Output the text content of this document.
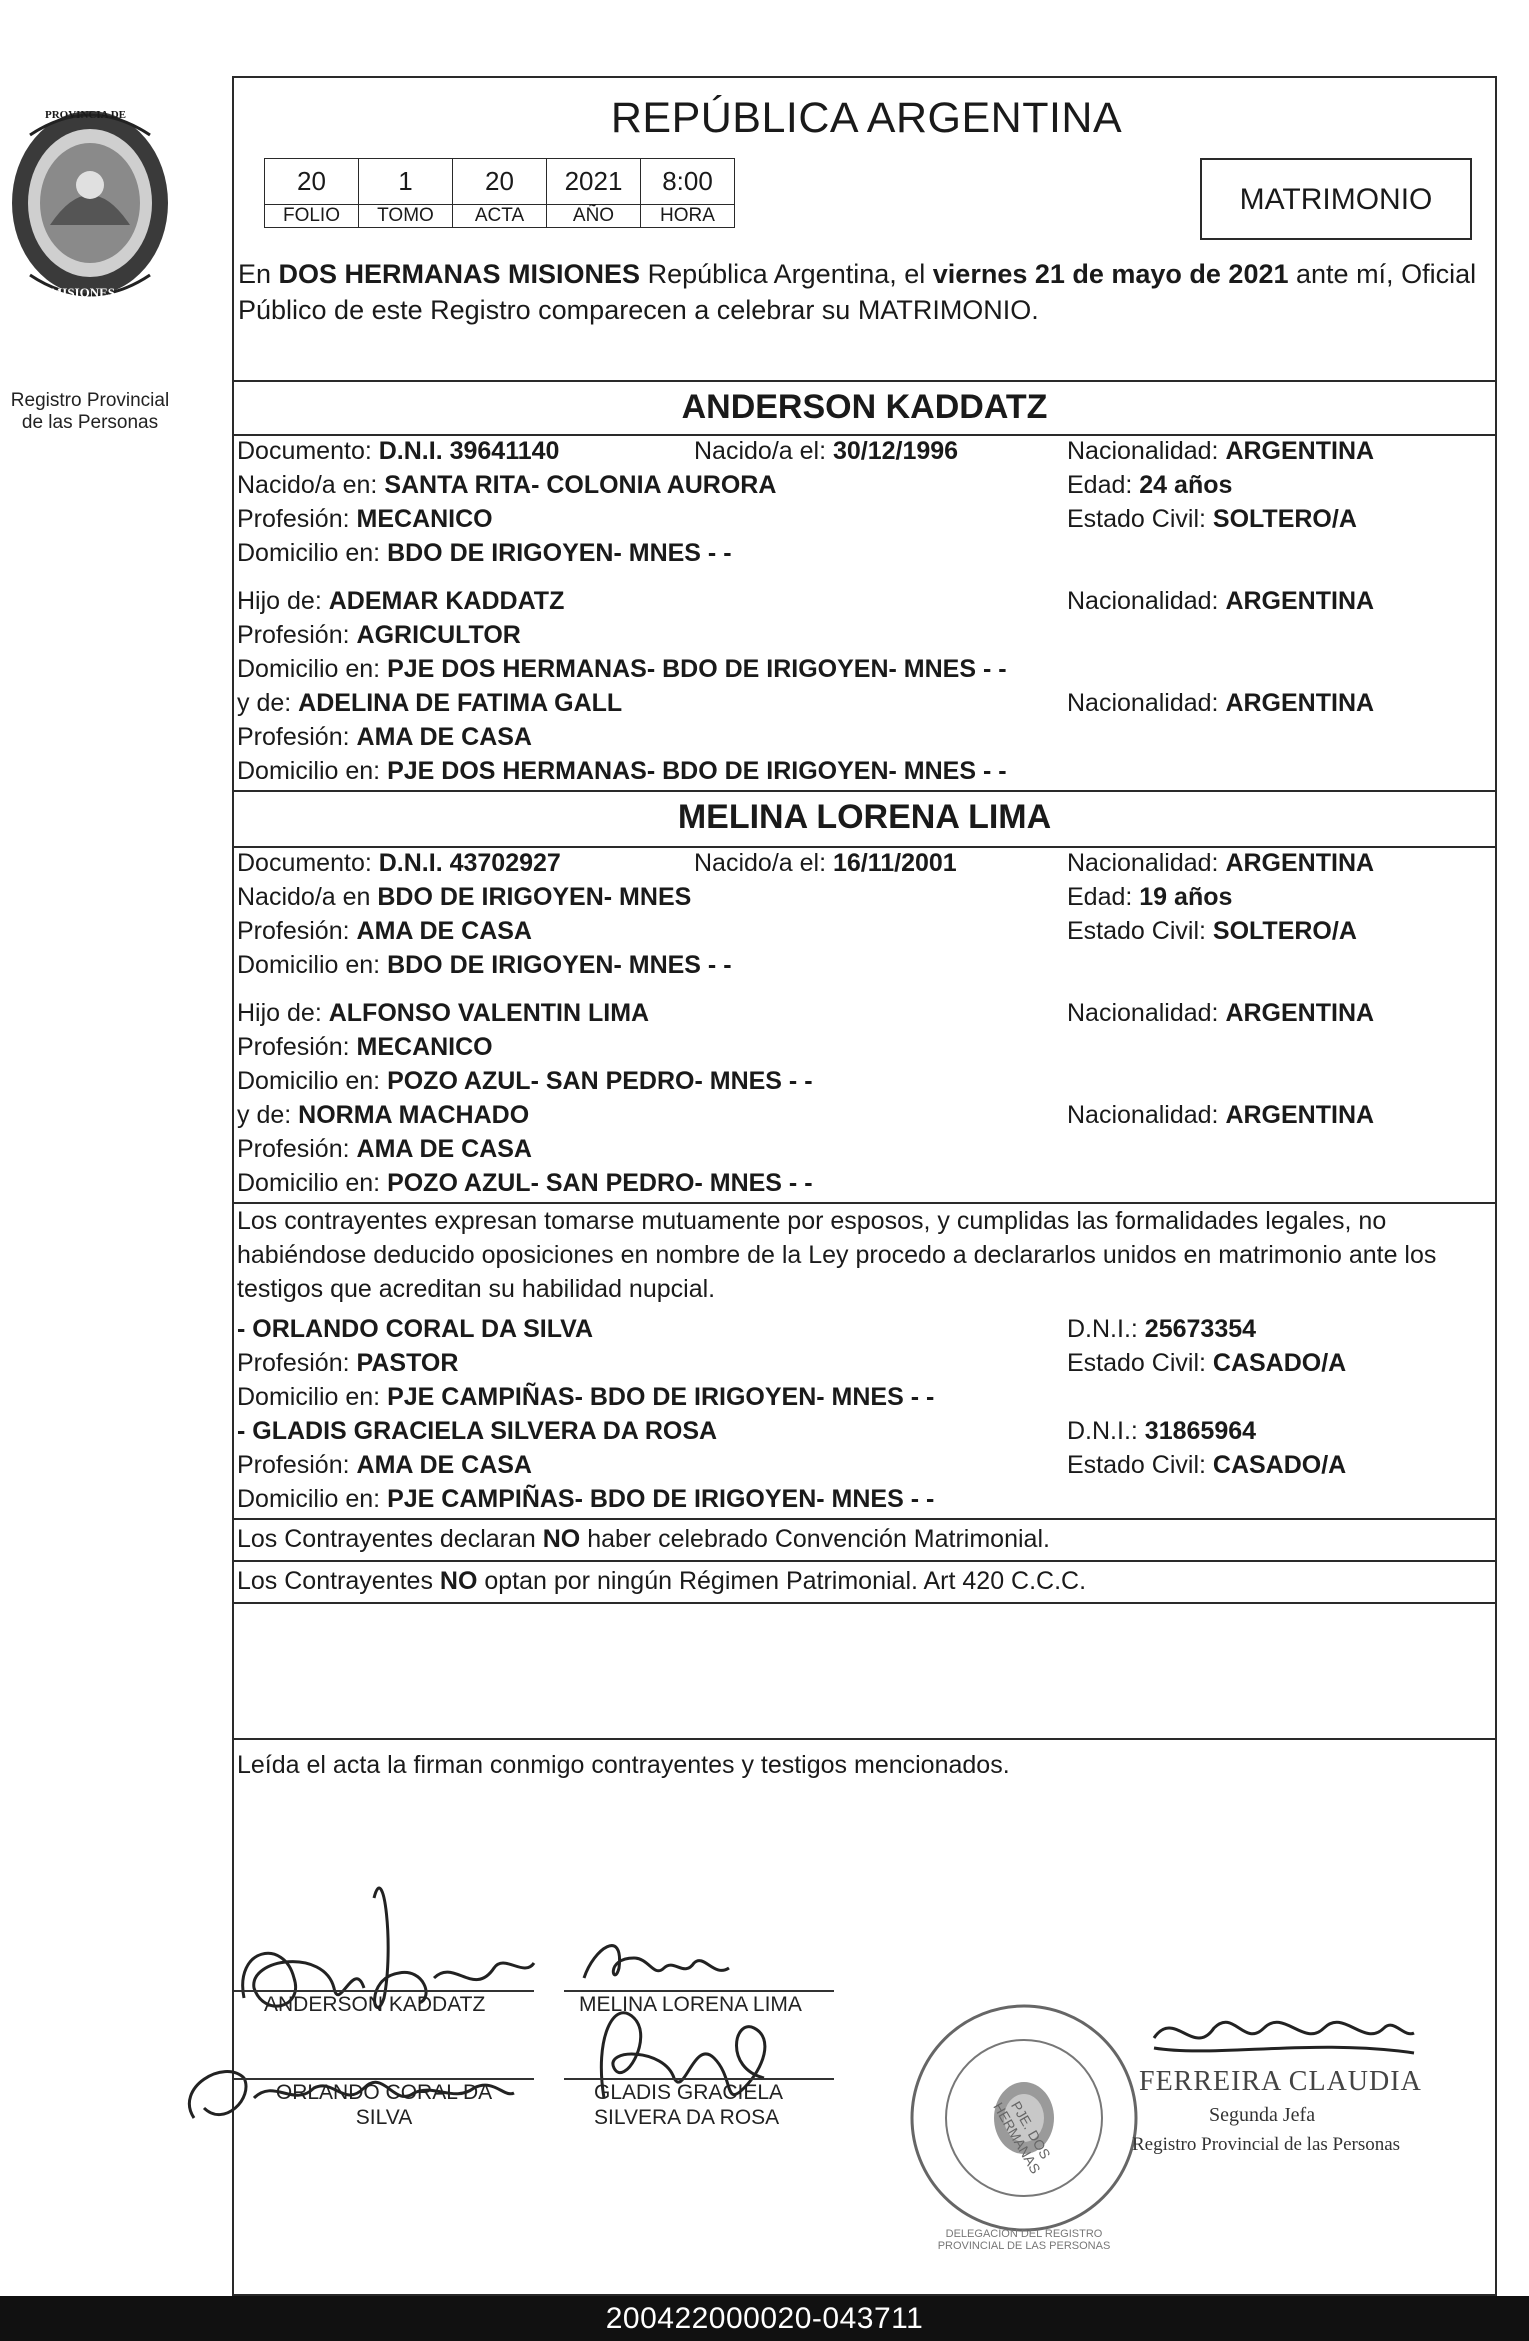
PROVINCIA DE
MISIONES
Registro Provincial
de las Personas
REPÚBLICA ARGENTINA
20	1	20	2021	8:00
FOLIO	TOMO	ACTA	AÑO	HORA	MATRIMONIO
En DOS HERMANAS MISIONES República Argentina, el viernes 21 de mayo de 2021 ante mí, Oficial Público de este Registro comparecen a celebrar su MATRIMONIO.
ANDERSON KADDATZ
Documento: D.N.I. 39641140	Nacido/a el: 30/12/1996	Nacionalidad: ARGENTINA
Nacido/a en: SANTA RITA- COLONIA AURORA	Edad: 24 años
Profesión: MECANICO	Estado Civil: SOLTERO/A
Domicilio en: BDO DE IRIGOYEN- MNES - -
Hijo de: ADEMAR KADDATZ	Nacionalidad: ARGENTINA
Profesión: AGRICULTOR
Domicilio en: PJE DOS HERMANAS- BDO DE IRIGOYEN- MNES - -
y de: ADELINA DE FATIMA GALL	Nacionalidad: ARGENTINA
Profesión: AMA DE CASA
Domicilio en: PJE DOS HERMANAS- BDO DE IRIGOYEN- MNES - -
MELINA LORENA LIMA
Documento: D.N.I. 43702927	Nacido/a el: 16/11/2001	Nacionalidad: ARGENTINA
Nacido/a en BDO DE IRIGOYEN- MNES	Edad: 19 años
Profesión: AMA DE CASA	Estado Civil: SOLTERO/A
Domicilio en: BDO DE IRIGOYEN- MNES - -
Hijo de: ALFONSO VALENTIN LIMA	Nacionalidad: ARGENTINA
Profesión: MECANICO
Domicilio en: POZO AZUL- SAN PEDRO- MNES - -
y de: NORMA MACHADO	Nacionalidad: ARGENTINA
Profesión: AMA DE CASA
Domicilio en: POZO AZUL- SAN PEDRO- MNES - -
Los contrayentes expresan tomarse mutuamente por esposos, y cumplidas las formalidades legales, no habiéndose deducido oposiciones en nombre de la Ley procedo a declararlos unidos en matrimonio ante los testigos que acreditan su habilidad nupcial.
- ORLANDO CORAL DA SILVA	D.N.I.: 25673354
Profesión: PASTOR	Estado Civil: CASADO/A
Domicilio en: PJE CAMPIÑAS- BDO DE IRIGOYEN- MNES - -
- GLADIS GRACIELA SILVERA DA ROSA	D.N.I.: 31865964
Profesión: AMA DE CASA	Estado Civil: CASADO/A
Domicilio en: PJE CAMPIÑAS- BDO DE IRIGOYEN- MNES - -
Los Contrayentes declaran NO haber celebrado Convención Matrimonial.
Los Contrayentes NO optan por ningún Régimen Patrimonial. Art 420 C.C.C.
Leída el acta la firman conmigo contrayentes y testigos mencionados.
ANDERSON KADDATZ	MELINA LORENA LIMA
ORLANDO CORAL DA
SILVA
GLADIS GRACIELA
SILVERA DA ROSA
DELEGACION DEL REGISTRO PROVINCIAL DE LAS PERSONAS
PJE. DOS HERMANAS
FERREIRA CLAUDIA
Segunda Jefa
Registro Provincial de las Personas
200422000020-043711
